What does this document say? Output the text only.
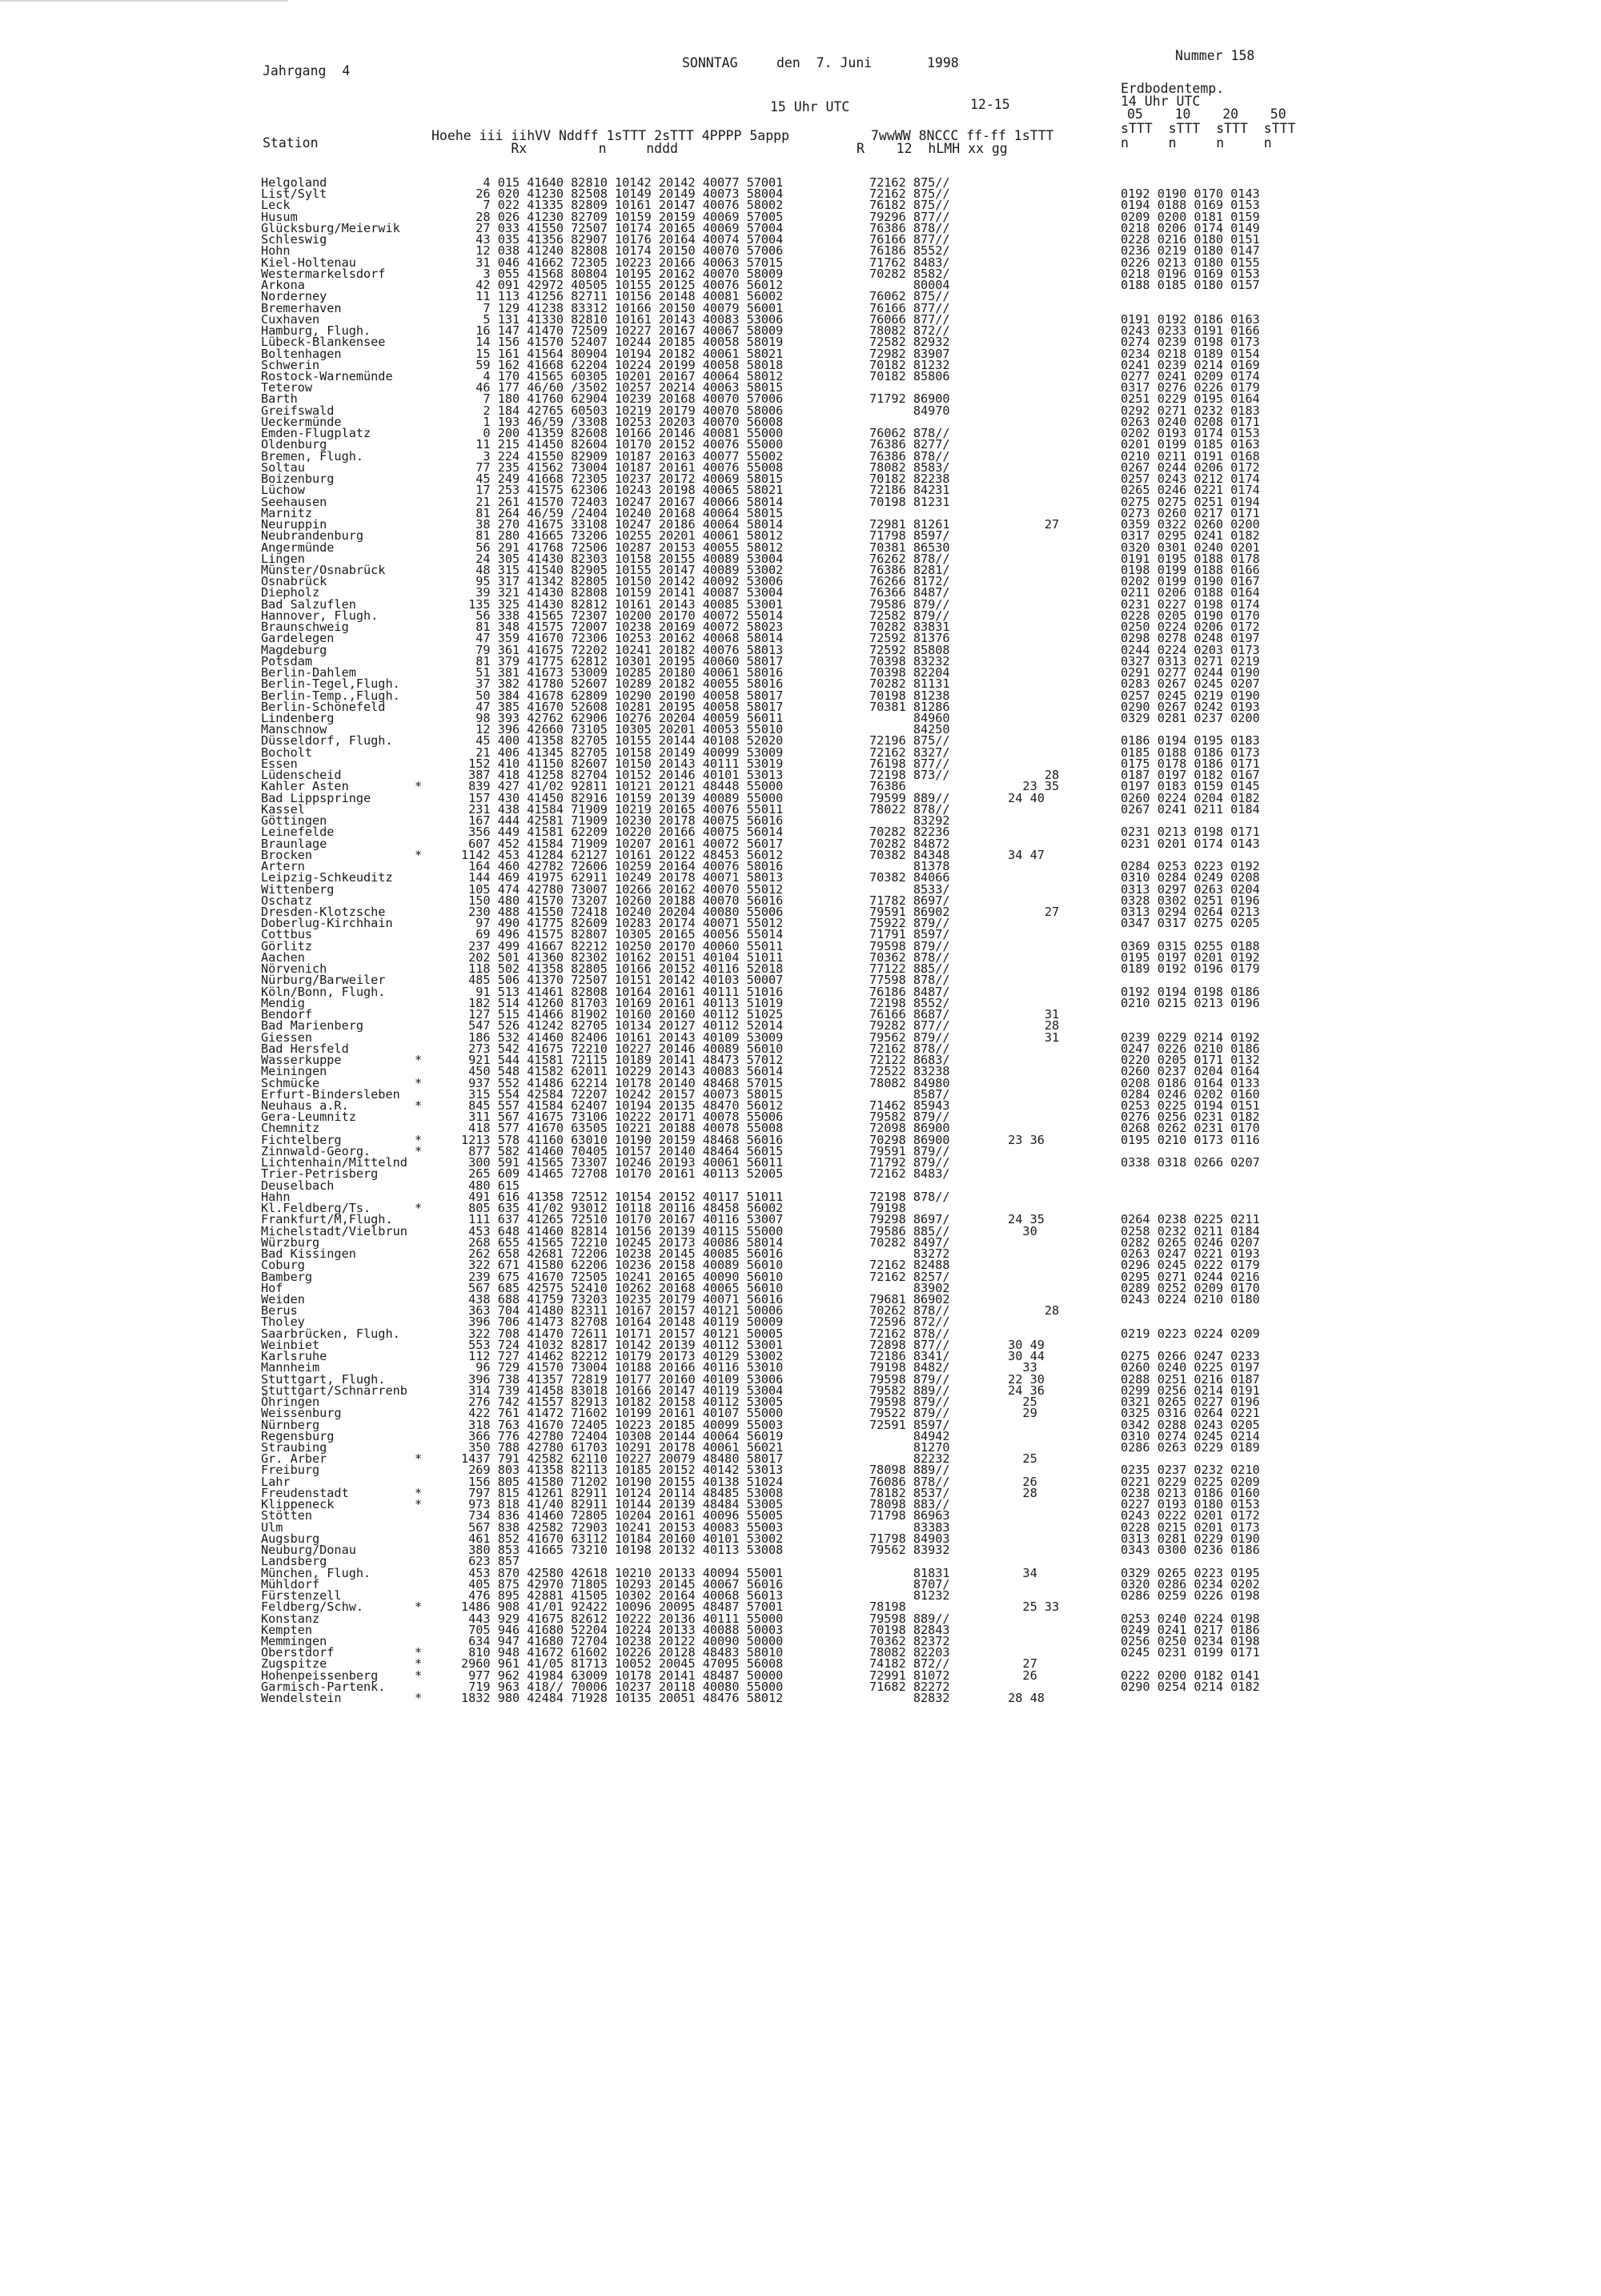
Jahrgang  4
SONNTAG	den  7. Juni	1998	Nummer 158
Erdbodentemp.
14 Uhr UTC
15 Uhr UTC	12-15
05    10    20    50
Station	Hoehe iii iihVV Nddff 1sTTT 2sTTT 4PPPP 5appp
Rx         n     nddd
7wwWW 8NCCC ff-ff 1sTTT
R    12  hLMH xx gg
sTTT  sTTT  sTTT  sTTT
n     n     n     n
Helgoland	4 015 41640 82810 10142 20142 40077 57001	72162 875//
List/Sylt	26 020 41230 82508 10149 20149 40073 58004	72162 875//	0192 0190 0170 0143
Leck	7 022 41335 82809 10161 20147 40076 58002	76182 875//	0194 0188 0169 0153
Husum	28 026 41230 82709 10159 20159 40069 57005	79296 877//	0209 0200 0181 0159
Glücksburg/Meierwik	27 033 41550 72507 10174 20165 40069 57004	76386 878//	0218 0206 0174 0149
Schleswig	43 035 41356 82907 10176 20164 40074 57004	76166 877//	0228 0216 0180 0151
Hohn	12 038 41240 82808 10174 20150 40070 57006	76186 8552/	0236 0219 0180 0147
Kiel-Holtenau	31 046 41662 72305 10223 20166 40063 57015	71762 8483/	0226 0213 0180 0155
Westermarkelsdorf	3 055 41568 80804 10195 20162 40070 58009	70282 8582/	0218 0196 0169 0153
Arkona	42 091 42972 40505 10155 20125 40076 56012	80004	0188 0185 0180 0157
Norderney	11 113 41256 82711 10156 20148 40081 56002	76062 875//
Bremerhaven	7 129 41238 83312 10166 20150 40079 56001	76166 877//
Cuxhaven	5 131 41330 82810 10161 20143 40083 53006	76066 877//	0191 0192 0186 0163
Hamburg, Flugh.	16 147 41470 72509 10227 20167 40067 58009	78082 872//	0243 0233 0191 0166
Lübeck-Blankensee	14 156 41570 52407 10244 20185 40058 58019	72582 82932	0274 0239 0198 0173
Boltenhagen	15 161 41564 80904 10194 20182 40061 58021	72982 83907	0234 0218 0189 0154
Schwerin	59 162 41668 62204 10224 20199 40058 58018	70182 81232	0241 0239 0214 0169
Rostock-Warnemünde	4 170 41565 60305 10201 20167 40064 58012	70182 85806	0277 0241 0209 0174
Teterow	46 177 46/60 /3502 10257 20214 40063 58015	0317 0276 0226 0179
Barth	7 180 41760 62904 10239 20168 40070 57006	71792 86900	0251 0229 0195 0164
Greifswald	2 184 42765 60503 10219 20179 40070 58006	84970	0292 0271 0232 0183
Ueckermünde	1 193 46/59 /3308 10253 20203 40070 56008	0263 0240 0208 0171
Emden-Flugplatz	0 200 41359 82608 10166 20146 40081 55000	76062 878//	0202 0193 0174 0153
Oldenburg	11 215 41450 82604 10170 20152 40076 55000	76386 8277/	0201 0199 0185 0163
Bremen, Flugh.	3 224 41550 82909 10187 20163 40077 55002	76386 878//	0210 0211 0191 0168
Soltau	77 235 41562 73004 10187 20161 40076 55008	78082 8583/	0267 0244 0206 0172
Boizenburg	45 249 41668 72305 10237 20172 40069 58015	70182 82238	0257 0243 0212 0174
Lüchow	17 253 41575 62306 10243 20198 40065 58021	72186 84231	0265 0246 0221 0174
Seehausen	21 261 41570 72403 10247 20167 40066 58014	70198 81231	0275 0275 0251 0194
Marnitz	81 264 46/59 /2404 10240 20168 40064 58015	0273 0260 0217 0171
Neuruppin	38 270 41675 33108 10247 20186 40064 58014	72981 81261	27	0359 0322 0260 0200
Neubrandenburg	81 280 41665 73206 10255 20201 40061 58012	71798 8597/	0317 0295 0241 0182
Angermünde	56 291 41768 72506 10287 20153 40055 58012	70381 86530	0320 0301 0240 0201
Lingen	24 305 41430 82303 10158 20155 40089 53004	76262 878//	0191 0195 0188 0178
Münster/Osnabrück	48 315 41540 82905 10155 20147 40089 53002	76386 8281/	0198 0199 0188 0166
Osnabrück	95 317 41342 82805 10150 20142 40092 53006	76266 8172/	0202 0199 0190 0167
Diepholz	39 321 41430 82808 10159 20141 40087 53004	76366 8487/	0211 0206 0188 0164
Bad Salzuflen	135 325 41430 82812 10161 20143 40085 53001	79586 879//	0231 0227 0198 0174
Hannover, Flugh.	56 338 41565 72307 10200 20170 40072 55014	72582 879//	0228 0205 0190 0170
Braunschweig	81 348 41575 72007 10238 20169 40072 58023	70282 83831	0250 0224 0206 0172
Gardelegen	47 359 41670 72306 10253 20162 40068 58014	72592 81376	0298 0278 0248 0197
Magdeburg	79 361 41675 72202 10241 20182 40076 58013	72592 85808	0244 0224 0203 0173
Potsdam	81 379 41775 62812 10301 20195 40060 58017	70398 83232	0327 0313 0271 0219
Berlin-Dahlem	51 381 41673 53009 10285 20180 40061 58016	70398 82204	0291 0277 0244 0190
Berlin-Tegel,Flugh.	37 382 41780 52607 10289 20182 40055 58016	70282 81131	0283 0267 0245 0207
Berlin-Temp.,Flugh.	50 384 41678 62809 10290 20190 40058 58017	70198 81238	0257 0245 0219 0190
Berlin-Schönefeld	47 385 41670 52608 10281 20195 40058 58017	70381 81286	0290 0267 0242 0193
Lindenberg	98 393 42762 62906 10276 20204 40059 56011	84960	0329 0281 0237 0200
Manschnow	12 396 42660 73105 10305 20201 40053 55010	84250
Düsseldorf, Flugh.	45 400 41358 82705 10155 20144 40108 52020	72196 875//	0186 0194 0195 0183
Bocholt	21 406 41345 82705 10158 20149 40099 53009	72162 8327/	0185 0188 0186 0173
Essen	152 410 41150 82607 10150 20143 40111 53019	76198 877//	0175 0178 0186 0171
Lüdenscheid	387 418 41258 82704 10152 20146 40101 53013	72198 873//	28	0187 0197 0182 0167
Kahler Asten	*	839 427 41/02 92811 10121 20121 48448 55000	76386	23 35	0197 0183 0159 0145
Bad Lippspringe	157 430 41450 82916 10159 20139 40089 55000	79599 889//	24 40	0260 0224 0204 0182
Kassel	231 438 41584 71909 10219 20165 40076 55011	78022 878//	0267 0241 0211 0184
Göttingen	167 444 42581 71909 10230 20178 40075 56016	83292
Leinefelde	356 449 41581 62209 10220 20166 40075 56014	70282 82236	0231 0213 0198 0171
Braunlage	607 452 41584 71909 10207 20161 40072 56017	70282 84872	0231 0201 0174 0143
Brocken	*	1142 453 41284 62127 10161 20122 48453 56012	70382 84348	34 47
Artern	164 460 42782 72606 10259 20164 40076 58016	81378	0284 0253 0223 0192
Leipzig-Schkeuditz	144 469 41975 62911 10249 20178 40071 58013	70382 84066	0310 0284 0249 0208
Wittenberg	105 474 42780 73007 10266 20162 40070 55012	8533/	0313 0297 0263 0204
Oschatz	150 480 41570 73207 10260 20188 40070 56016	71782 8697/	0328 0302 0251 0196
Dresden-Klotzsche	230 488 41550 72418 10240 20204 40080 55006	79591 86902	27	0313 0294 0264 0213
Doberlug-Kirchhain	97 490 41775 82609 10283 20174 40071 55012	75922 879//	0347 0317 0275 0205
Cottbus	69 496 41575 82807 10305 20165 40056 55014	71791 8597/
Görlitz	237 499 41667 82212 10250 20170 40060 55011	79598 879//	0369 0315 0255 0188
Aachen	202 501 41360 82302 10162 20151 40104 51011	70362 878//	0195 0197 0201 0192
Nörvenich	118 502 41358 82805 10166 20152 40116 52018	77122 885//	0189 0192 0196 0179
Nürburg/Barweiler	485 506 41370 72507 10151 20142 40103 50007	77598 878//
Köln/Bonn, Flugh.	91 513 41461 82808 10164 20161 40111 51016	76186 8487/	0192 0194 0198 0186
Mendig	182 514 41260 81703 10169 20161 40113 51019	72198 8552/	0210 0215 0213 0196
Bendorf	127 515 41466 81902 10160 20160 40112 51025	76166 8687/	31
Bad Marienberg	547 526 41242 82705 10134 20127 40112 52014	79282 877//	28
Giessen	186 532 41460 82406 10161 20143 40109 53009	79562 879//	31	0239 0229 0214 0192
Bad Hersfeld	273 542 41675 72210 10227 20146 40089 56010	72162 878//	0247 0226 0210 0186
Wasserkuppe	*	921 544 41581 72115 10189 20141 48473 57012	72122 8683/	0220 0205 0171 0132
Meiningen	450 548 41582 62011 10229 20143 40083 56014	72522 83238	0260 0237 0204 0164
Schmücke	*	937 552 41486 62214 10178 20140 48468 57015	78082 84980	0208 0186 0164 0133
Erfurt-Bindersleben	315 554 42584 72207 10242 20157 40073 58015	8587/	0284 0246 0202 0160
Neuhaus a.R.	*	845 557 41584 62407 10194 20135 48470 56012	71462 85943	0253 0225 0194 0151
Gera-Leumnitz	311 567 41675 73106 10222 20171 40078 55006	79582 879//	0276 0256 0231 0182
Chemnitz	418 577 41670 63505 10221 20188 40078 55008	72098 86900	0268 0262 0231 0170
Fichtelberg	*	1213 578 41160 63010 10190 20159 48468 56016	70298 86900	23 36	0195 0210 0173 0116
Zinnwald-Georg.	*	877 582 41460 70405 10157 20140 48464 56015	79591 879//
Lichtenhain/Mittelnd	300 591 41565 73307 10246 20193 40061 56011	71792 879//	0338 0318 0266 0207
Trier-Petrisberg	265 609 41465 72708 10170 20161 40113 52005	72162 8483/
Deuselbach	480 615
Hahn	491 616 41358 72512 10154 20152 40117 51011	72198 878//
Kl.Feldberg/Ts.	*	805 635 41/02 93012 10118 20116 48458 56002	79198
Frankfurt/M,Flugh.	111 637 41265 72510 10170 20167 40116 53007	79298 8697/	24 35	0264 0238 0225 0211
Michelstadt/Vielbrun	453 648 41460 82814 10156 20139 40115 55000	79586 885//	30	0258 0232 0211 0184
Würzburg	268 655 41565 72210 10245 20173 40086 58014	70282 8497/	0282 0265 0246 0207
Bad Kissingen	262 658 42681 72206 10238 20145 40085 56016	83272	0263 0247 0221 0193
Coburg	322 671 41580 62206 10236 20158 40089 56010	72162 82488	0296 0245 0222 0179
Bamberg	239 675 41670 72505 10241 20165 40090 56010	72162 8257/	0295 0271 0244 0216
Hof	567 685 42575 52410 10262 20168 40065 56010	83902	0289 0252 0209 0170
Weiden	438 688 41759 73203 10235 20179 40071 56016	79681 86902	0243 0224 0210 0180
Berus	363 704 41480 82311 10167 20157 40121 50006	70262 878//	28
Tholey	396 706 41473 82708 10164 20148 40119 50009	72596 872//
Saarbrücken, Flugh.	322 708 41470 72611 10171 20157 40121 50005	72162 878//	0219 0223 0224 0209
Weinbiet	553 724 41032 82817 10142 20139 40112 53001	72898 877//	30 49
Karlsruhe	112 727 41462 82212 10179 20173 40129 53002	72186 8341/	30 44	0275 0266 0247 0233
Mannheim	96 729 41570 73004 10188 20166 40116 53010	79198 8482/	33	0260 0240 0225 0197
Stuttgart, Flugh.	396 738 41357 72819 10177 20160 40109 53006	79598 879//	22 30	0288 0251 0216 0187
Stuttgart/Schnarrenb	314 739 41458 83018 10166 20147 40119 53004	79582 889//	24 36	0299 0256 0214 0191
Öhringen	276 742 41557 82913 10182 20158 40112 53005	79598 879//	25	0321 0265 0227 0196
Weissenburg	422 761 41472 71602 10199 20161 40107 55000	79522 879//	29	0325 0316 0264 0221
Nürnberg	318 763 41670 72405 10223 20185 40099 55003	72591 8597/	0342 0288 0243 0205
Regensburg	366 776 42780 72404 10308 20144 40064 56019	84942	0310 0274 0245 0214
Straubing	350 788 42780 61703 10291 20178 40061 56021	81270	0286 0263 0229 0189
Gr. Arber	*	1437 791 42582 62110 10227 20079 48480 58017	82232	25
Freiburg	269 803 41358 82113 10185 20152 40142 53013	78098 889//	0235 0237 0232 0210
Lahr	156 805 41580 71202 10190 20155 40138 51024	76086 878//	26	0221 0229 0225 0209
Freudenstadt	*	797 815 41261 82911 10124 20114 48485 53008	78182 8537/	28	0238 0213 0186 0160
Klippeneck	*	973 818 41/40 82911 10144 20139 48484 53005	78098 883//	0227 0193 0180 0153
Stötten	734 836 41460 72805 10204 20161 40096 55005	71798 86963	0243 0222 0201 0172
Ulm	567 838 42582 72903 10241 20153 40083 55003	83383	0228 0215 0201 0173
Augsburg	461 852 41670 63112 10184 20160 40101 53002	71798 84903	0313 0281 0229 0190
Neuburg/Donau	380 853 41665 73210 10198 20132 40113 53008	79562 83932	0343 0300 0236 0186
Landsberg	623 857
München, Flugh.	453 870 42580 42618 10210 20133 40094 55001	81831	34	0329 0265 0223 0195
Mühldorf	405 875 42970 71805 10293 20145 40067 56016	8707/	0320 0286 0234 0202
Fürstenzell	476 895 42881 41505 10302 20164 40068 56013	81232	0286 0259 0226 0198
Feldberg/Schw.	*	1486 908 41/01 92422 10096 20095 48487 57001	78198	25 33
Konstanz	443 929 41675 82612 10222 20136 40111 55000	79598 889//	0253 0240 0224 0198
Kempten	705 946 41680 52204 10224 20133 40088 50003	70198 82843	0249 0241 0217 0186
Memmingen	634 947 41680 72704 10238 20122 40090 50000	70362 82372	0256 0250 0234 0198
Oberstdorf	*	810 948 41672 61602 10226 20128 48483 58010	78082 82203	0245 0231 0199 0171
Zugspitze	*	2960 961 41/05 81713 10052 20045 47095 56008	74182 872//	27
Hohenpeissenberg	*	977 962 41984 63009 10178 20141 48487 50000	72991 81072	26	0222 0200 0182 0141
Garmisch-Partenk.	719 963 418// 70006 10237 20118 40080 55000	71682 82272	0290 0254 0214 0182
Wendelstein	*	1832 980 42484 71928 10135 20051 48476 58012	82832	28 48
